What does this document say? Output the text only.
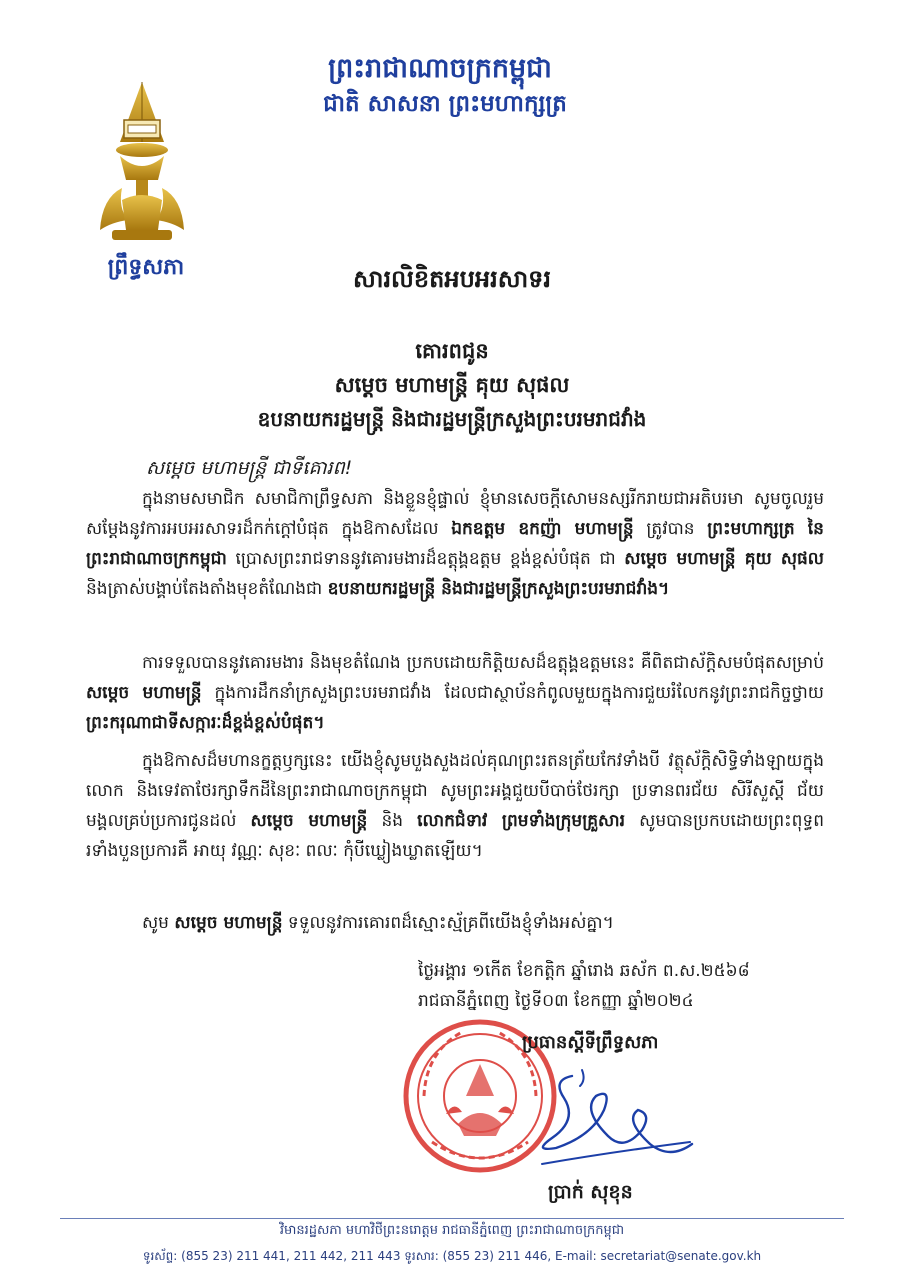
ព្រះរាជាណាចក្រកម្ពុជា
ជាតិ សាសនា ព្រះមហាក្សត្រ
ព្រឹទ្ធសភា	សារលិខិតអបអរសាទរ
គោរពជូន
សម្តេច មហាមន្ត្រី គុយ សុផល
ឧបនាយករដ្ឋមន្ត្រី និងជារដ្ឋមន្ត្រីក្រសួងព្រះបរមរាជវាំង
សម្តេច មហាមន្ត្រី ជាទីគោរព!

ក្នុងនាមសមាជិក សមាជិកាព្រឹទ្ធសភា និងខ្លួនខ្ញុំផ្ទាល់ ខ្ញុំមានសេចក្តីសោមនស្សរីករាយជាអតិបរមា សូមចូលរួមសម្តែងនូវការអបអរសាទរដ៏កក់ក្តៅបំផុត ក្នុងឱកាសដែល ឯកឧត្តម ឧកញ៉ា មហាមន្ត្រី ត្រូវបាន ព្រះមហាក្សត្រ នៃព្រះរាជាណាចក្រកម្ពុជា ប្រោសព្រះរាជទាននូវគោរមងារដ៏ឧត្តុង្គឧត្តម ខ្ពង់ខ្ពស់បំផុត ជា សម្តេច មហាមន្ត្រី គុយ សុផល និងត្រាស់បង្គាប់តែងតាំងមុខតំណែងជា ឧបនាយករដ្ឋមន្ត្រី និងជារដ្ឋមន្ត្រីក្រសួងព្រះបរមរាជវាំង។

ការទទួលបាននូវគោរមងារ និងមុខតំណែង ប្រកបដោយកិត្តិយសដ៏ឧត្តុង្គឧត្តមនេះ គឺពិតជាស័ក្តិសមបំផុតសម្រាប់ សម្តេច មហាមន្ត្រី ក្នុងការដឹកនាំក្រសួងព្រះបរមរាជវាំង ដែលជាស្ថាប័នកំពូលមួយក្នុងការជួយរំលែកនូវព្រះរាជកិច្ចថ្វាយ ព្រះករុណាជាទីសក្ការៈដ៏ខ្ពង់ខ្ពស់បំផុត។

ក្នុងឱកាសដ៏មហានក្ខត្តឫក្សនេះ យើងខ្ញុំសូមបួងសួងដល់គុណព្រះរតនត្រ័យកែវទាំងបី វត្ថុស័ក្តិសិទ្ធិទាំងឡាយក្នុងលោក និងទេវតាថែរក្សាទឹកដីនៃព្រះរាជាណាចក្រកម្ពុជា សូមព្រះអង្គជួយបីបាច់ថែរក្សា ប្រទានពរជ័យ សិរីសួស្តី ជ័យមង្គលគ្រប់ប្រការជូនដល់ សម្តេច មហាមន្ត្រី និង លោកជំទាវ ព្រមទាំងក្រុមគ្រួសារ សូមបានប្រកបដោយព្រះពុទ្ធពរទាំងបួនប្រការគឺ អាយុ វណ្ណៈ សុខៈ ពលៈ កុំបីឃ្លៀងឃ្លាតឡើយ។

សូម សម្តេច មហាមន្ត្រី ទទួលនូវការគោរពដ៏ស្មោះស្ម័គ្រពីយើងខ្ញុំទាំងអស់គ្នា។
ថ្ងៃអង្គារ ១កើត ខែកត្តិក ឆ្នាំរោង ឆស័ក ព.ស.២៥៦៨
រាជធានីភ្នំពេញ ថ្ងៃទី០៣ ខែកញ្ញា ឆ្នាំ២០២៤
ប្រធានស្តីទីព្រឹទ្ធសភា
ប្រាក់ សុខុន
វិមានរដ្ឋសភា មហាវិថីព្រះនរោត្តម រាជធានីភ្នំពេញ ព្រះរាជាណាចក្រកម្ពុជា
ទូរស័ព្ទ: (855 23) 211 441, 211 442, 211 443 ទូរសារ: (855 23) 211 446, E-mail: secretariat@senate.gov.kh
